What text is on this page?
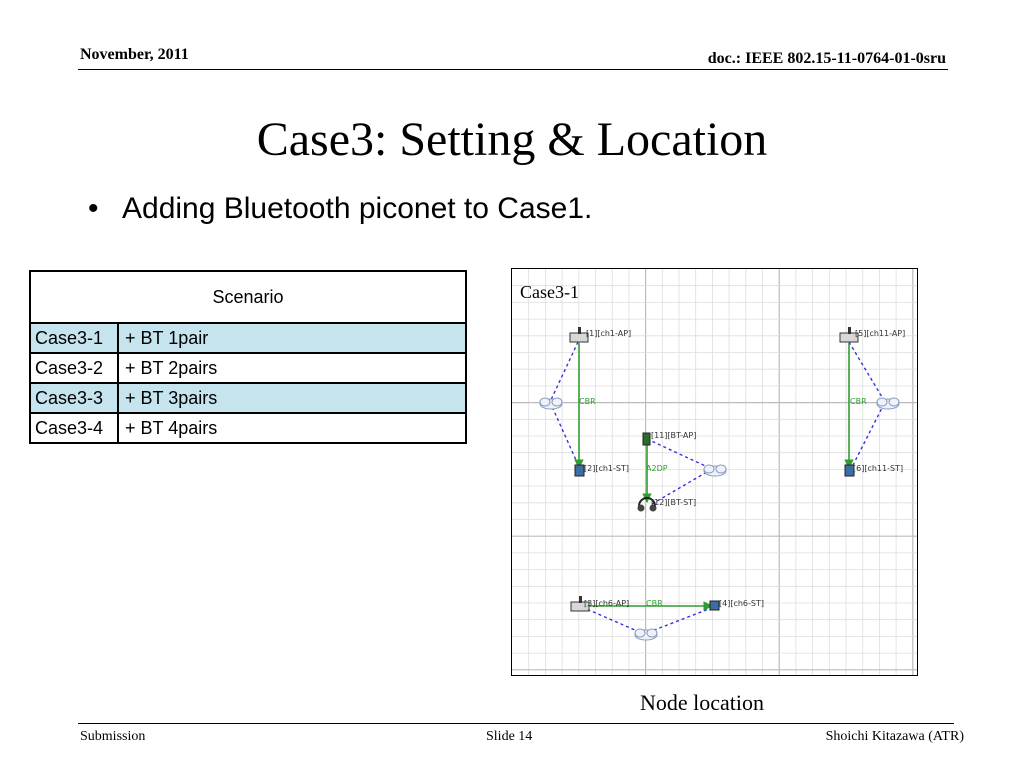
November, 2011	doc.: IEEE 802.15-11-0764-01-0sru
Case3: Setting & Location
• Adding Bluetooth piconet to Case1.
Scenario	
Case3-1	+ BT 1pair
Case3-2	+ BT 2pairs
Case3-3	+ BT 3pairs
Case3-4	+ BT 4pairs
Case3-1
[1][ch1-AP]
[2][ch1-ST]
[5][ch11-AP]
[6][ch11-ST]
[11][BT-AP]
[12][BT-ST]
[3][ch6-AP]	[4][ch6-ST]
CBR	CBR
A2DP
CBR
Node location
Submission	Slide 14	Shoichi Kitazawa (ATR)
